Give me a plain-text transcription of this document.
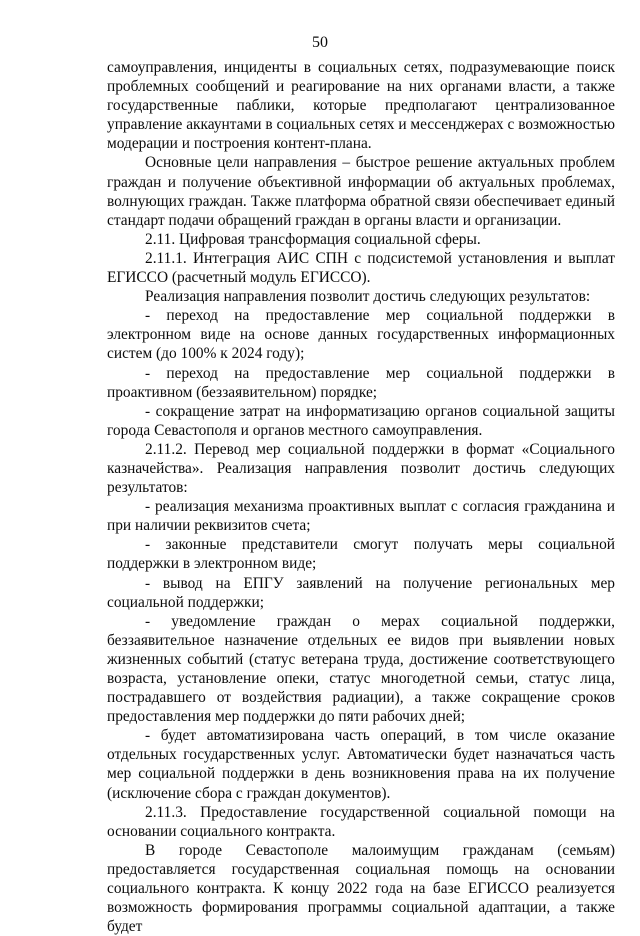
50

самоуправления, инциденты в социальных сетях, подразумевающие поиск проблемных сообщений и реагирование на них органами власти, а также государственные паблики, которые предполагают централизованное управление аккаунтами в социальных сетях и мессенджерах с возможностью модерации и построения контент-плана.

Основные цели направления – быстрое решение актуальных проблем граждан и получение объективной информации об актуальных проблемах, волнующих граждан. Также платформа обратной связи обеспечивает единый стандарт подачи обращений граждан в органы власти и организации.

2.11. Цифровая трансформация социальной сферы.

2.11.1. Интеграция АИС СПН с подсистемой установления и выплат ЕГИССО (расчетный модуль ЕГИССО).

Реализация направления позволит достичь следующих результатов:

- переход на предоставление мер социальной поддержки в электронном виде на основе данных государственных информационных систем (до 100% к 2024 году);

- переход на предоставление мер социальной поддержки в проактивном (беззаявительном) порядке;

- сокращение затрат на информатизацию органов социальной защиты города Севастополя и органов местного самоуправления.

2.11.2. Перевод мер социальной поддержки в формат «Социального казначейства». Реализация направления позволит достичь следующих результатов:

- реализация механизма проактивных выплат с согласия гражданина и при наличии реквизитов счета;

- законные представители смогут получать меры социальной поддержки в электронном виде;

- вывод на ЕПГУ заявлений на получение региональных мер социальной поддержки;

- уведомление граждан о мерах социальной поддержки, беззаявительное назначение отдельных ее видов при выявлении новых жизненных событий (статус ветерана труда, достижение соответствующего возраста, установление опеки, статус многодетной семьи, статус лица, пострадавшего от воздействия радиации), а также сокращение сроков предоставления мер поддержки до пяти рабочих дней;

- будет автоматизирована часть операций, в том числе оказание отдельных государственных услуг. Автоматически будет назначаться часть мер социальной поддержки в день возникновения права на их получение (исключение сбора с граждан документов).

2.11.3. Предоставление государственной социальной помощи на основании социального контракта.

В городе Севастополе малоимущим гражданам (семьям) предоставляется государственная социальная помощь на основании социального контракта. К концу 2022 года на базе ЕГИССО реализуется возможность формирования программы социальной адаптации, а также будет
